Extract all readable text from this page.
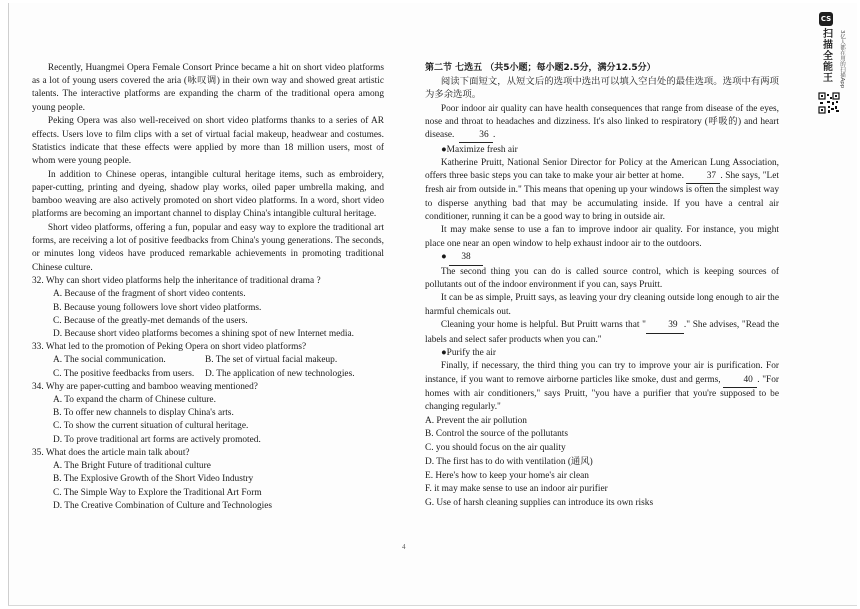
Recently, Huangmei Opera Female Consort Prince became a hit on short video platforms as a lot of young users covered the aria (咏叹调) in their own way and showed great artistic talents. The interactive platforms are expanding the charm of the traditional opera among young people.

Peking Opera was also well-received on short video platforms thanks to a series of AR effects. Users love to film clips with a set of virtual facial makeup, headwear and costumes. Statistics indicate that these effects were applied by more than 18 million users, most of whom were young people.

In addition to Chinese operas, intangible cultural heritage items, such as embroidery, paper-cutting, printing and dyeing, shadow play works, oiled paper umbrella making, and bamboo weaving are also actively promoted on short video platforms. In a word, short video platforms are becoming an important channel to display China's intangible cultural heritage.

Short video platforms, offering a fun, popular and easy way to explore the traditional art forms, are receiving a lot of positive feedbacks from China's young generations. The seconds, or minutes long videos have produced remarkable achievements in promoting traditional Chinese culture.

32. Why can short video platforms help the inheritance of traditional drama ?

A. Because of the fragment of short video contents.

B. Because young followers love short video platforms.

C. Because of the greatly-met demands of the users.

D. Because short video platforms becomes a shining spot of new Internet media.

33. What led to the promotion of Peking Opera on short video platforms?

A. The social communication.	B. The set of virtual facial makeup.
C. The positive feedbacks from users.	D. The application of new technologies.

34. Why are paper-cutting and bamboo weaving mentioned?

A. To expand the charm of Chinese culture.

B. To offer new channels to display China's arts.

C. To show the current situation of cultural heritage.

D. To prove traditional art forms are actively promoted.

35. What does the article main talk about?

A. The Bright Future of traditional culture

B. The Explosive Growth of the Short Video Industry

C. The Simple Way to Explore the Traditional Art Form

D. The Creative Combination of Culture and Technologies

第二节 七选五 （共5小题；每小题2.5分，满分12.5分）

阅读下面短文，从短文后的选项中选出可以填入空白处的最佳选项。选项中有两项为多余选项。

Poor indoor air quality can have health consequences that range from disease of the eyes, nose and throat to headaches and dizziness. It's also linked to respiratory (呼吸的) and heart disease.	36 .

●Maximize fresh air

Katherine Pruitt, National Senior Director for Policy at the American Lung Association, offers three basic steps you can take to make your air better at home. 37 . She says, "Let fresh air from outside in." This means that opening up your windows is often the simplest way to disperse anything bad that may be accumulating inside. If you have a central air conditioner, running it can be a good way to bring in outside air.

It may make sense to use a fan to improve indoor air quality. For instance, you might place one near an open window to help exhaust indoor air to the outdoors.

● 38

The second thing you can do is called source control, which is keeping sources of pollutants out of the indoor environment if you can, says Pruitt.

It can be as simple, Pruitt says, as leaving your dry cleaning outside long enough to air the harmful chemicals out.

Cleaning your home is helpful. But Pruitt warns that " 39 ." She advises, "Read the labels and select safer products when you can."

●Purify the air

Finally, if necessary, the third thing you can try to improve your air is purification. For instance, if you want to remove airborne particles like smoke, dust and germs, 40 . "For homes with air conditioners," says Pruitt, "you have a purifier that you're supposed to be changing regularly."

A. Prevent the air pollution

B. Control the source of the pollutants

C. you should focus on the air quality

D. The first has to do with ventilation (通风)

E. Here's how to keep your home's air clean

F. it may make sense to use an indoor air purifier

G. Use of harsh cleaning supplies can introduce its own risks

4
CS
扫描全能王	3亿人都在用的扫描App
